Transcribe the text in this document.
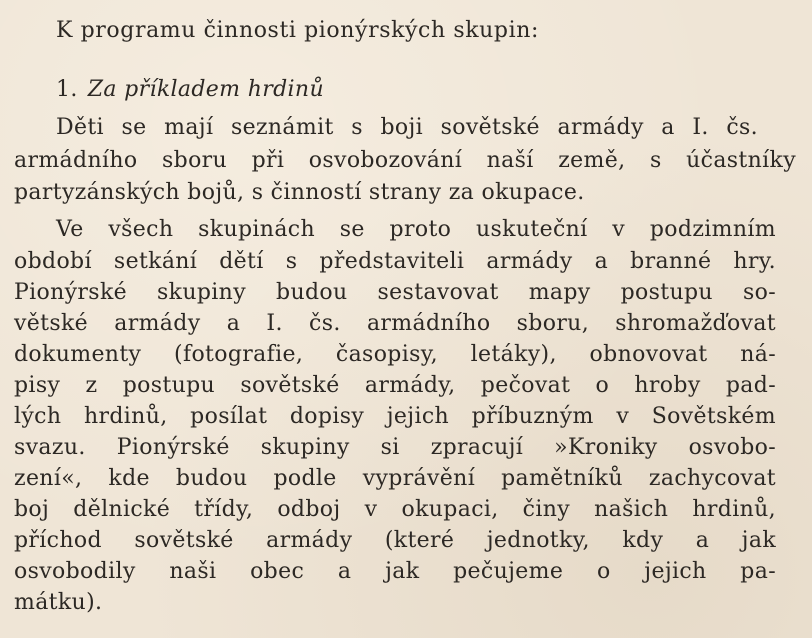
K programu činnosti pionýrských skupin:
1. Za příkladem hrdinů
Děti se mají seznámit s boji sovětské armády a I. čs.
armádního sboru při osvobozování naší země, s účastníky
partyzánských bojů, s činností strany za okupace.
Ve všech skupinách se proto uskuteční v podzimním
období setkání dětí s představiteli armády a branné hry.
Pionýrské skupiny budou sestavovat mapy postupu so-
větské armády a I. čs. armádního sboru, shromažďovat
dokumenty (fotografie, časopisy, letáky), obnovovat ná-
pisy z postupu sovětské armády, pečovat o hroby pad-
lých hrdinů, posílat dopisy jejich příbuzným v Sovětském
svazu. Pionýrské skupiny si zpracují »Kroniky osvobo-
zení«, kde budou podle vyprávění pamětníků zachycovat
boj dělnické třídy, odboj v okupaci, činy našich hrdinů,
příchod sovětské armády (které jednotky, kdy a jak
osvobodily naši obec a jak pečujeme o jejich pa-
mátku).
